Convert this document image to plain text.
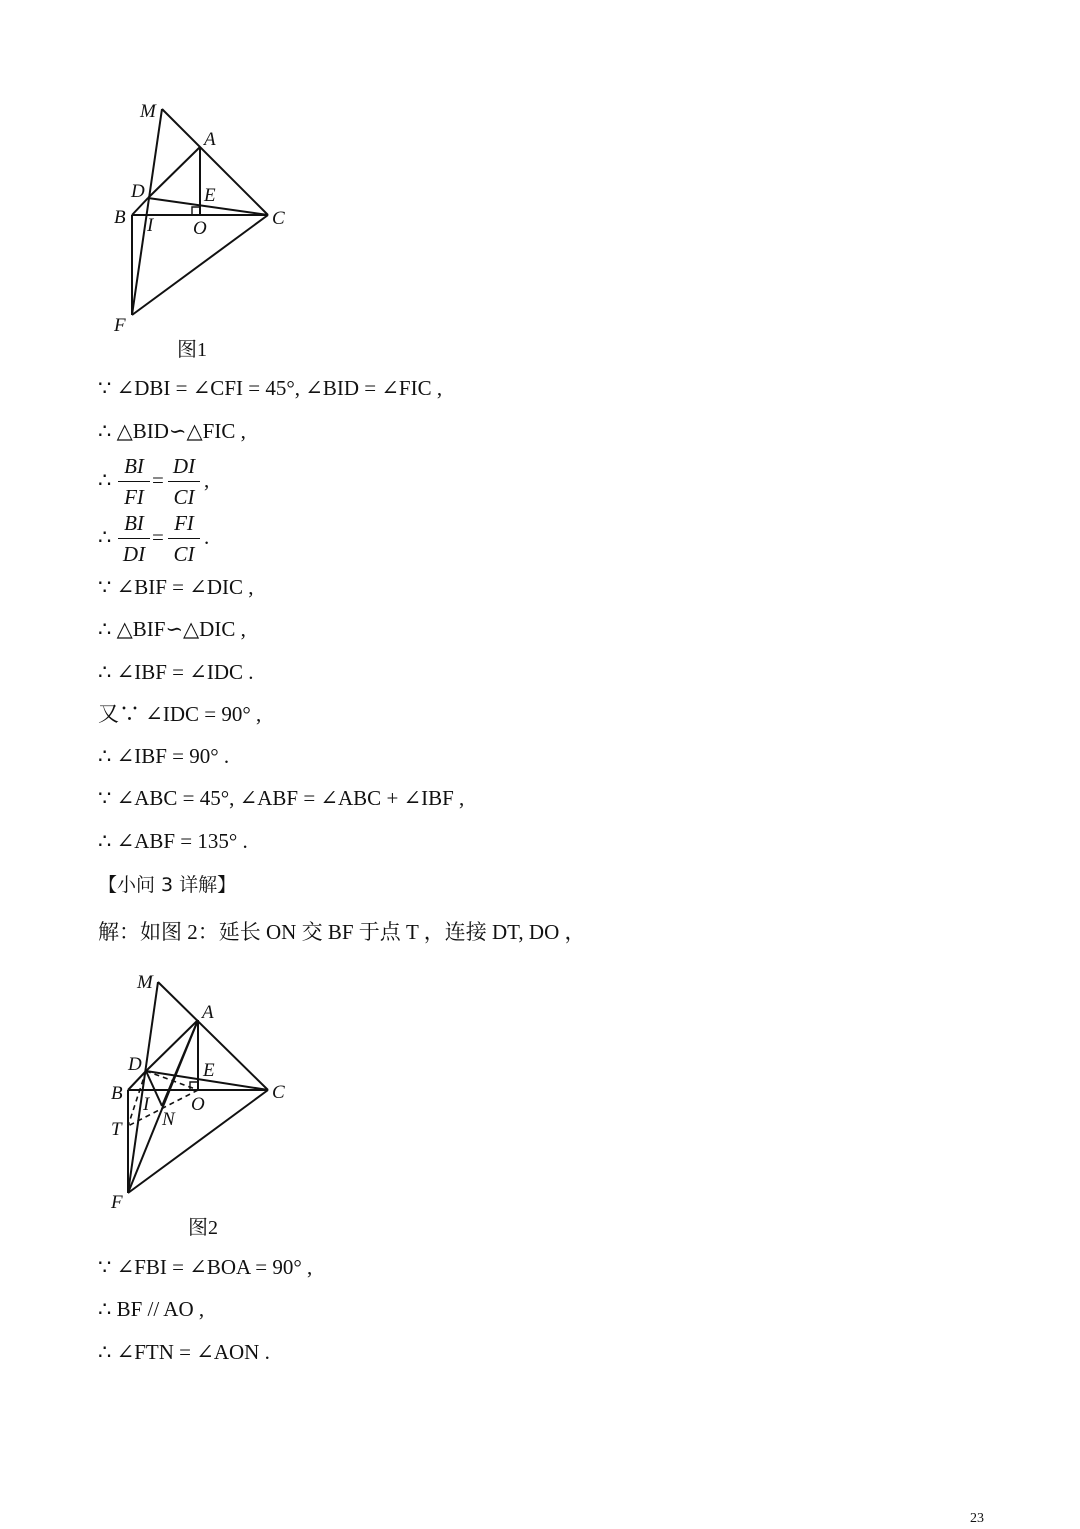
M
A
D	E
B I O	C
F
图1
∵ ∠DBI = ∠CFI = 45°, ∠BID = ∠FIC ,
∴ △BID∽△FIC ,
∴
BI
FI
=
DI
CI
,
∴
BI
DI
=
FI
CI
.
∵ ∠BIF = ∠DIC ,
∴ △BIF∽△DIC ,
∴ ∠IBF = ∠IDC .
又∵ ∠IDC = 90° ,
∴ ∠IBF = 90° .
∵ ∠ABC = 45°, ∠ABF = ∠ABC + ∠IBF ,
∴ ∠ABF = 135° .
【小问 3 详解】
解：如图 2：延长 ON 交 BF 于点 T ，连接 DT, DO ，
M
A
D	E
B
I O
C
N
T
F
图2
∵ ∠FBI = ∠BOA = 90° ,
∴ BF // AO ,
∴ ∠FTN = ∠AON .
23
